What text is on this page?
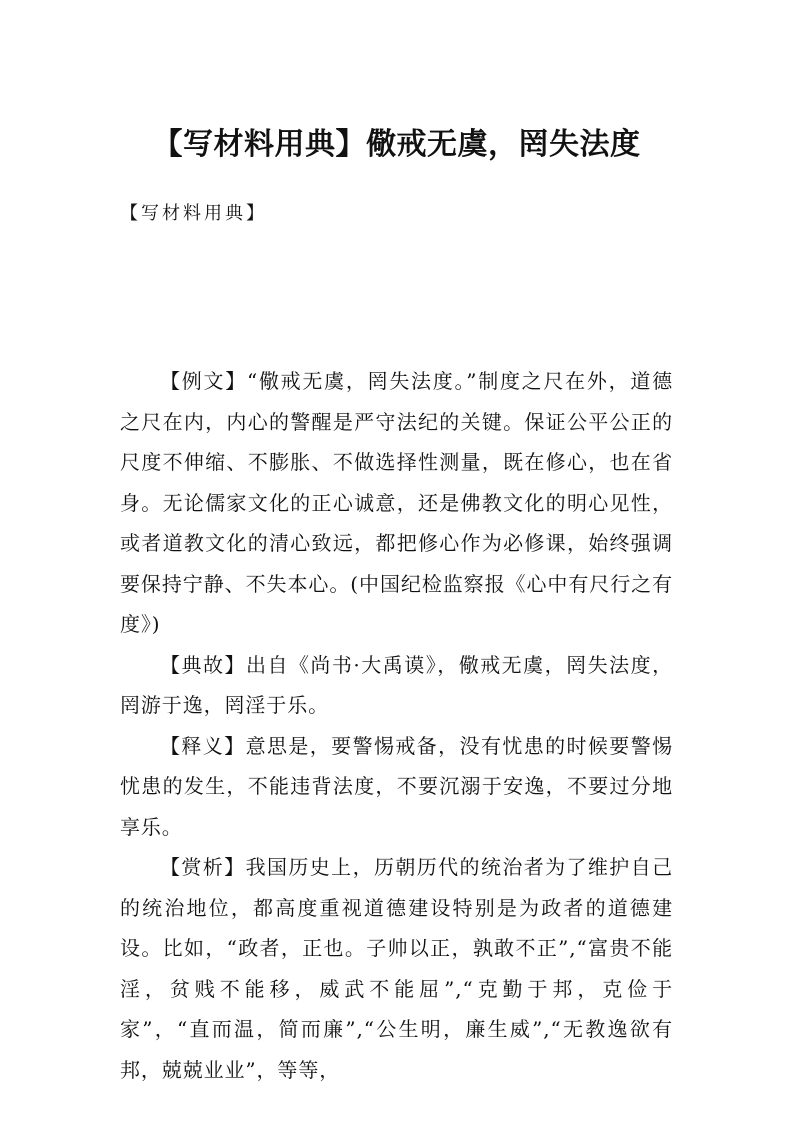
【写材料用典】儆戒无虞，罔失法度
【写材料用典】

【例文】“儆戒无虞，罔失法度。”制度之尺在外，道德之尺在内，内心的警醒是严守法纪的关键。保证公平公正的尺度不伸缩、不膨胀、不做选择性测量，既在修心，也在省身。无论儒家文化的正心诚意，还是佛教文化的明心见性，或者道教文化的清心致远，都把修心作为必修课，始终强调要保持宁静、不失本心。(中国纪检监察报《心中有尺行之有度》)

【典故】出自《尚书·大禹谟》，儆戒无虞，罔失法度，罔游于逸，罔淫于乐。

【释义】意思是，要警惕戒备，没有忧患的时候要警惕忧患的发生，不能违背法度，不要沉溺于安逸，不要过分地享乐。

【赏析】我国历史上，历朝历代的统治者为了维护自己的统治地位，都高度重视道德建设特别是为政者的道德建设。比如，“政者，正也。子帅以正，孰敢不正”,“富贵不能淫，贫贱不能移，威武不能屈”,“克勤于邦，克俭于家”，“直而温，简而廉”,“公生明，廉生威”,“无教逸欲有邦，兢兢业业”，等等，
